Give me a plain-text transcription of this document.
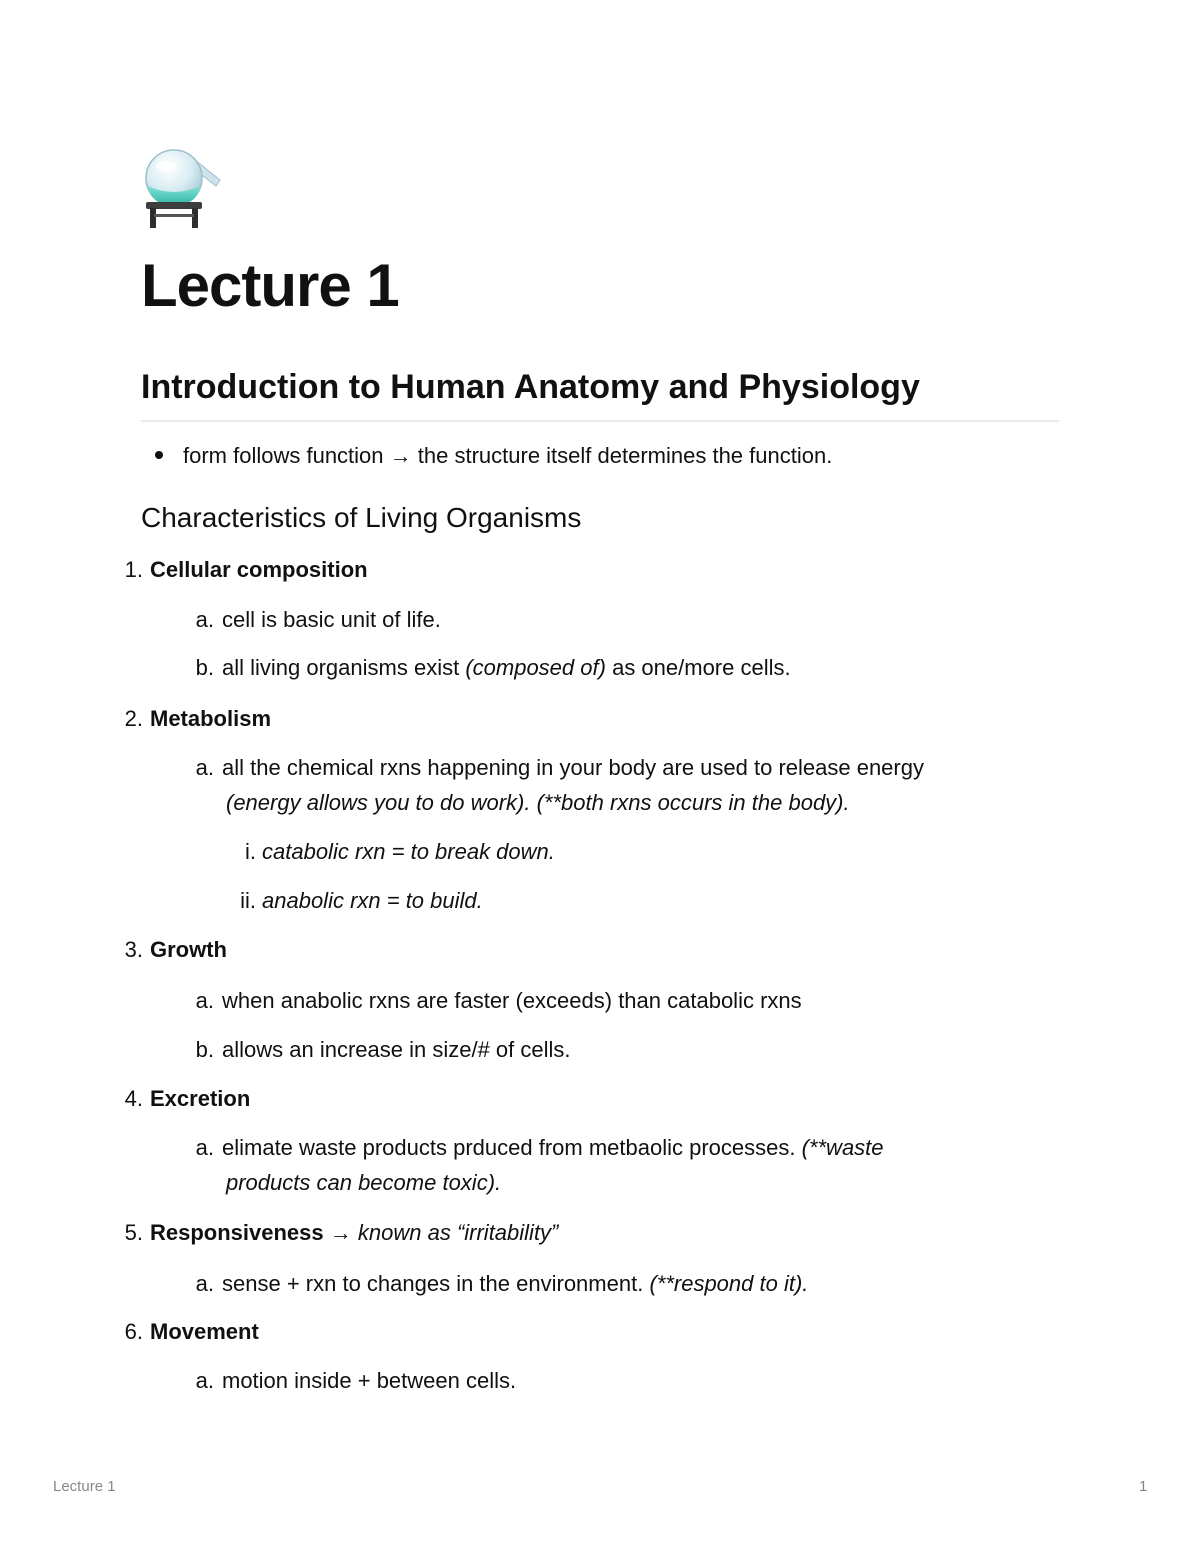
Lecture 1
Introduction to Human Anatomy and Physiology
form follows function → the structure itself determines the function.
Characteristics of Living Organisms
1. Cellular composition
a. cell is basic unit of life.
b. all living organisms exist (composed of) as one/more cells.
2. Metabolism
a. all the chemical rxns happening in your body are used to release energy
(energy allows you to do work). (**both rxns occurs in the body).
i. catabolic rxn = to break down.
ii. anabolic rxn = to build.
3. Growth
a. when anabolic rxns are faster (exceeds) than catabolic rxns
b. allows an increase in size/# of cells.
4. Excretion
a. elimate waste products prduced from metbaolic processes. (**waste
products can become toxic).
5. Responsiveness → known as “irritability”
a. sense + rxn to changes in the environment. (**respond to it).
6. Movement
a. motion inside + between cells.
Lecture 1	1
